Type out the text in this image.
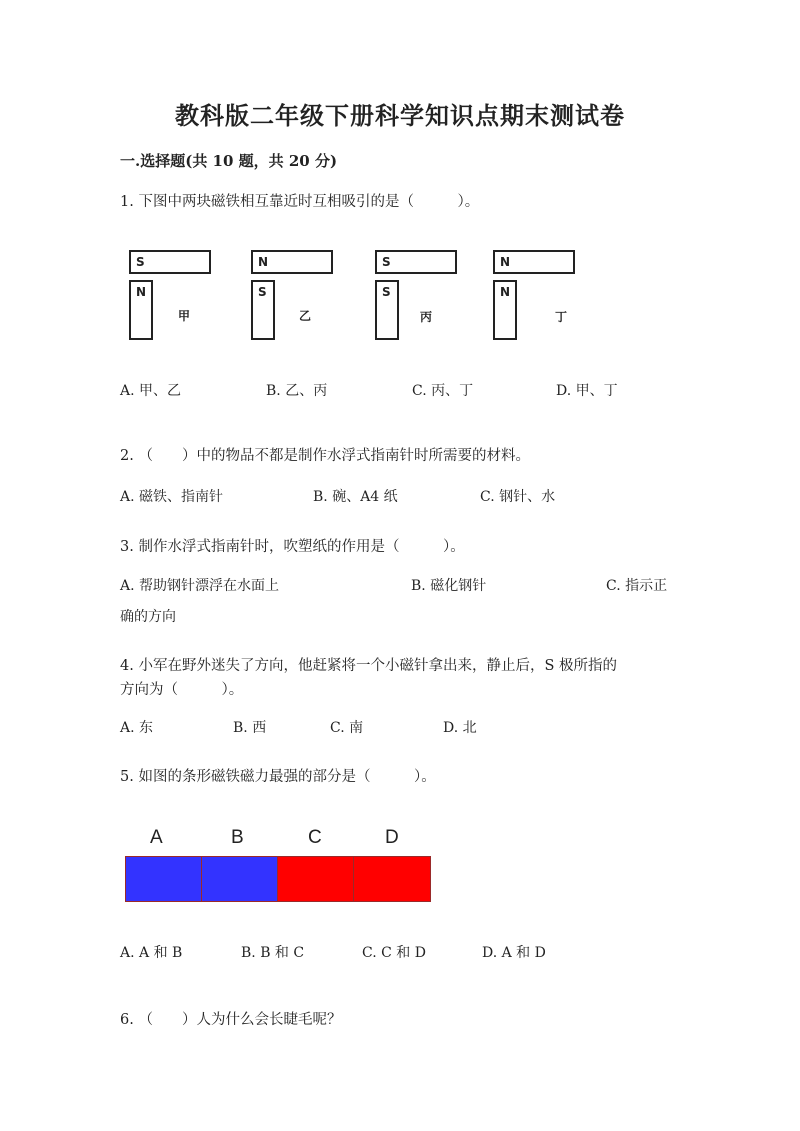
教科版二年级下册科学知识点期末测试卷
一.选择题(共 10 题，共 20 分)
1. 下图中两块磁铁相互靠近时互相吸引的是（　　　）。
S
N
甲
N
S
乙
S
S
丙
N
N
丁
A. 甲、乙	B. 乙、丙	C. 丙、丁	D. 甲、丁
2. （　　）中的物品不都是制作水浮式指南针时所需要的材料。
A. 磁铁、指南针	B. 碗、A4 纸	C. 钢针、水
3. 制作水浮式指南针时，吹塑纸的作用是（　　　）。
A. 帮助钢针漂浮在水面上	B. 磁化钢针	C. 指示正
确的方向
4. 小军在野外迷失了方向，他赶紧将一个小磁针拿出来，静止后，S 极所指的
方向为（　　　）。
A. 东	B. 西	C. 南	D. 北
5. 如图的条形磁铁磁力最强的部分是（　　　）。
A	B	C	D
A. A 和 B	B. B 和 C	C. C 和 D	D. A 和 D
6. （　　）人为什么会长睫毛呢？
